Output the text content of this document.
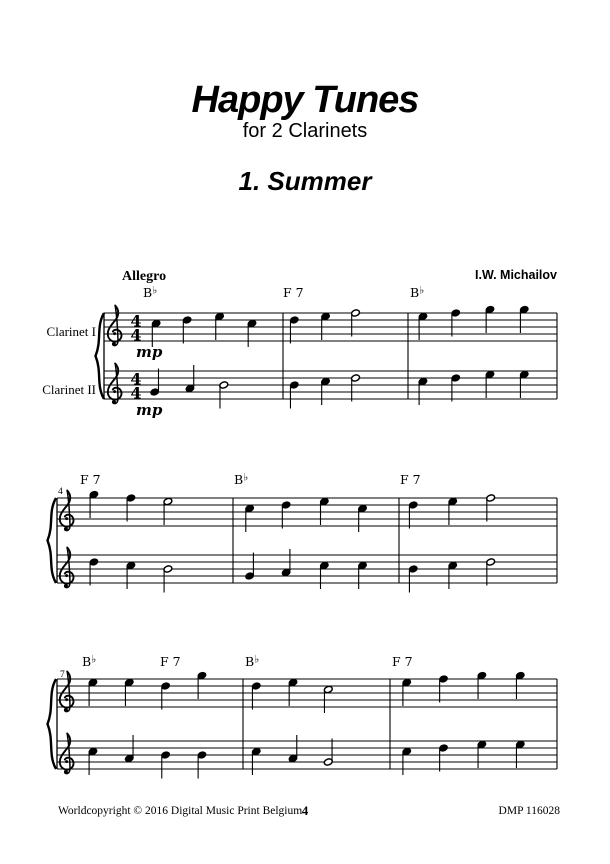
Happy Tunes
for 2 Clarinets
1. Summer
Allegro	I.W. Michailov
4
4
Clarinet I
mp
4
4
Clarinet II
mp
B♭	F 7	B♭
F 7	B♭	F 7
4
B♭	F 7	B♭	F 7
7
Worldcopyright © 2016 Digital Music Print Belgium 4	DMP 116028
